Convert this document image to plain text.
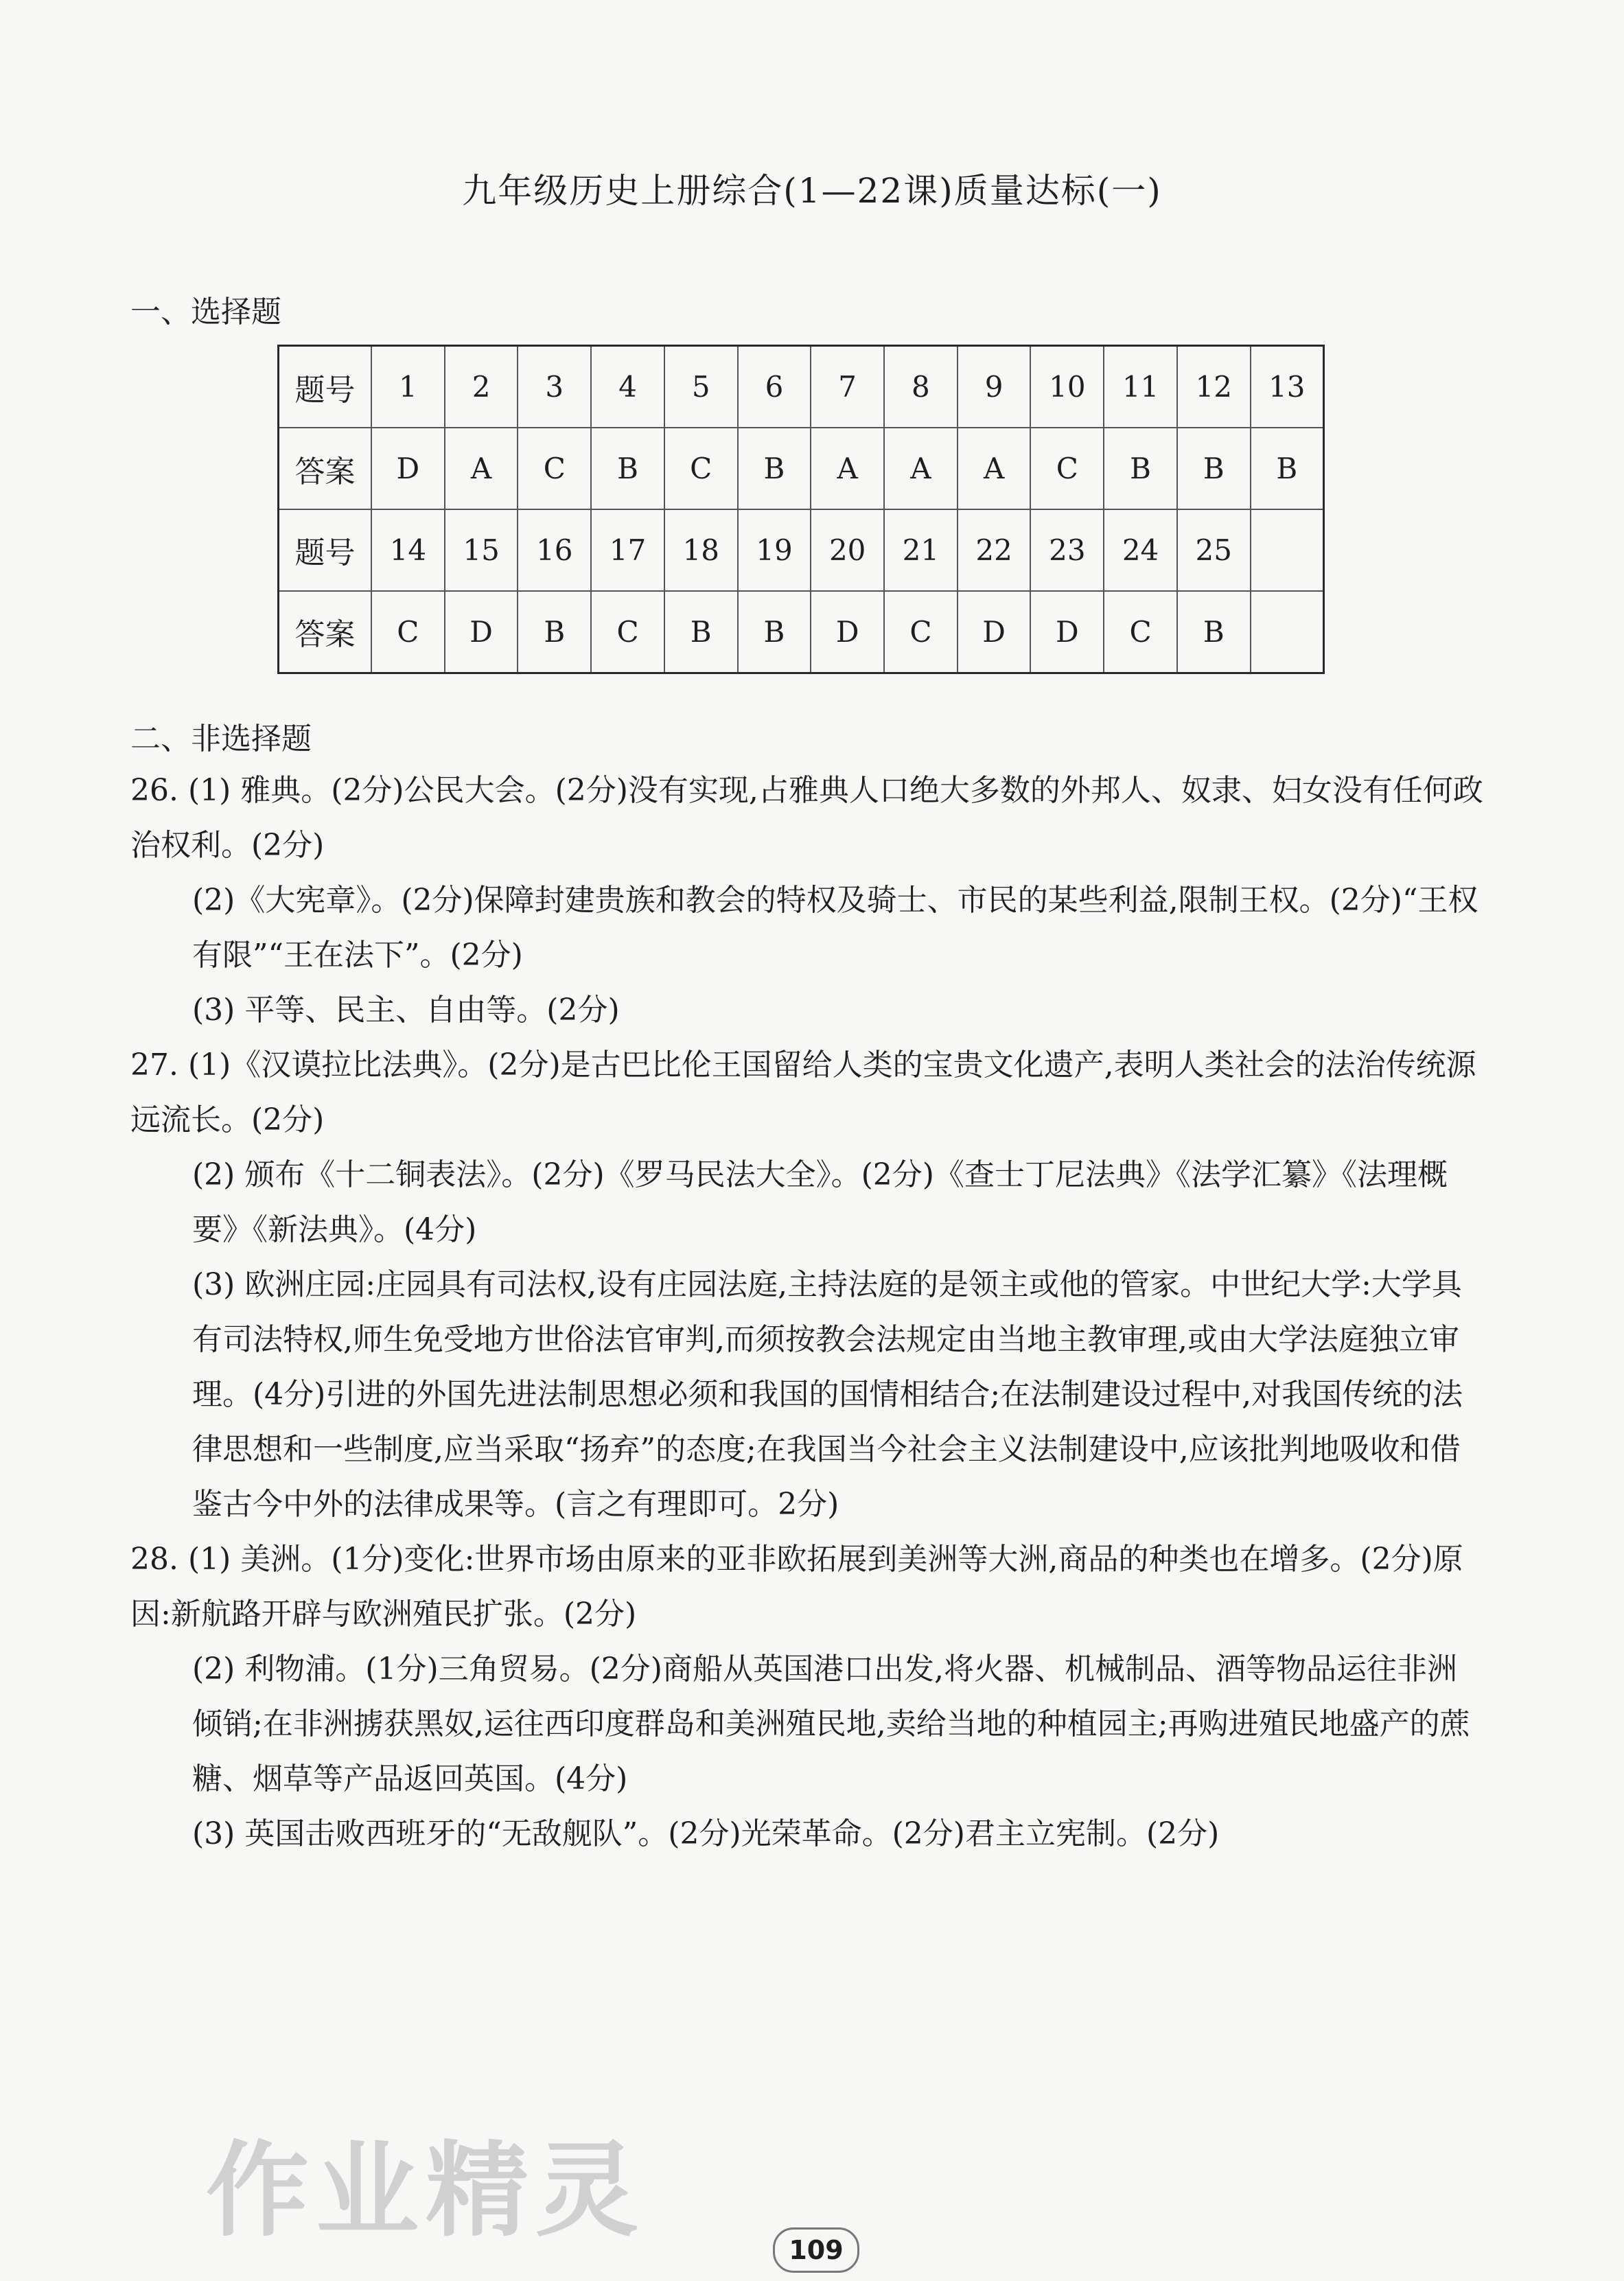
九年级历史上册综合(1—22课)质量达标(一)
一、选择题
题号	1	2	3	4	5	6	7	8	9	10	11	12	13
答案	D	A	C	B	C	B	A	A	A	C	B	B	B
题号	14	15	16	17	18	19	20	21	22	23	24	25	
答案	C	D	B	C	B	B	D	C	D	D	C	B	
二、非选择题
26. (1) 雅典。(2分)公民大会。(2分)没有实现,占雅典人口绝大多数的外邦人、奴隶、妇女没有任何政治权利。(2分)
(2)《大宪章》。(2分)保障封建贵族和教会的特权及骑士、市民的某些利益,限制王权。(2分)“王权有限”“王在法下”。(2分)
(3) 平等、民主、自由等。(2分)
27. (1)《汉谟拉比法典》。(2分)是古巴比伦王国留给人类的宝贵文化遗产,表明人类社会的法治传统源远流长。(2分)
(2) 颁布《十二铜表法》。(2分)《罗马民法大全》。(2分)《查士丁尼法典》《法学汇纂》《法理概要》《新法典》。(4分)
(3) 欧洲庄园:庄园具有司法权,设有庄园法庭,主持法庭的是领主或他的管家。中世纪大学:大学具有司法特权,师生免受地方世俗法官审判,而须按教会法规定由当地主教审理,或由大学法庭独立审理。(4分)引进的外国先进法制思想必须和我国的国情相结合;在法制建设过程中,对我国传统的法律思想和一些制度,应当采取“扬弃”的态度;在我国当今社会主义法制建设中,应该批判地吸收和借鉴古今中外的法律成果等。(言之有理即可。2分)
28. (1) 美洲。(1分)变化:世界市场由原来的亚非欧拓展到美洲等大洲,商品的种类也在增多。(2分)原因:新航路开辟与欧洲殖民扩张。(2分)
(2) 利物浦。(1分)三角贸易。(2分)商船从英国港口出发,将火器、机械制品、酒等物品运往非洲倾销;在非洲掳获黑奴,运往西印度群岛和美洲殖民地,卖给当地的种植园主;再购进殖民地盛产的蔗糖、烟草等产品返回英国。(4分)
(3) 英国击败西班牙的“无敌舰队”。(2分)光荣革命。(2分)君主立宪制。(2分)
作业精灵	109
